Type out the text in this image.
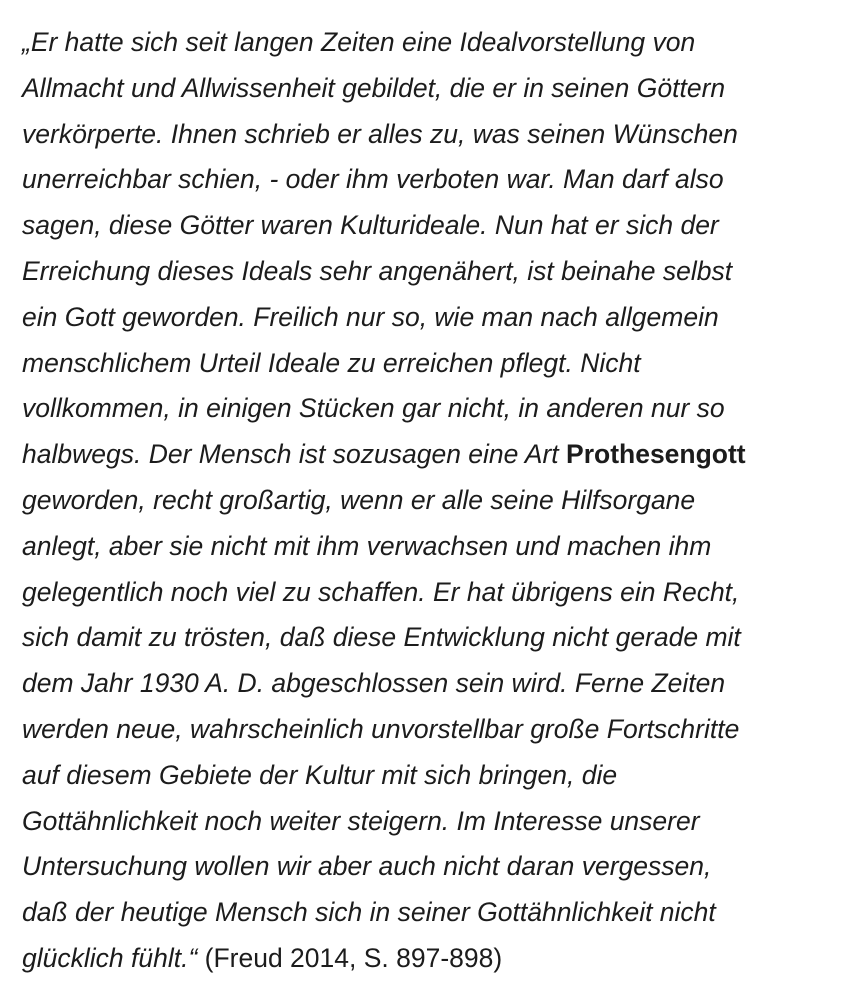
„Er hatte sich seit langen Zeiten eine Idealvorstellung von
Allmacht und Allwissenheit gebildet, die er in seinen Göttern
verkörperte. Ihnen schrieb er alles zu, was seinen Wünschen
unerreichbar schien, - oder ihm verboten war. Man darf also
sagen, diese Götter waren Kulturideale. Nun hat er sich der
Erreichung dieses Ideals sehr angenähert, ist beinahe selbst
ein Gott geworden. Freilich nur so, wie man nach allgemein
menschlichem Urteil Ideale zu erreichen pflegt. Nicht
vollkommen, in einigen Stücken gar nicht, in anderen nur so
halbwegs. Der Mensch ist sozusagen eine Art Prothesengott
geworden, recht großartig, wenn er alle seine Hilfsorgane
anlegt, aber sie nicht mit ihm verwachsen und machen ihm
gelegentlich noch viel zu schaffen. Er hat übrigens ein Recht,
sich damit zu trösten, daß diese Entwicklung nicht gerade mit
dem Jahr 1930 A. D. abgeschlossen sein wird. Ferne Zeiten
werden neue, wahrscheinlich unvorstellbar große Fortschritte
auf diesem Gebiete der Kultur mit sich bringen, die
Gottähnlichkeit noch weiter steigern. Im Interesse unserer
Untersuchung wollen wir aber auch nicht daran vergessen,
daß der heutige Mensch sich in seiner Gottähnlichkeit nicht
glücklich fühlt.“ (Freud 2014, S. 897-898)
